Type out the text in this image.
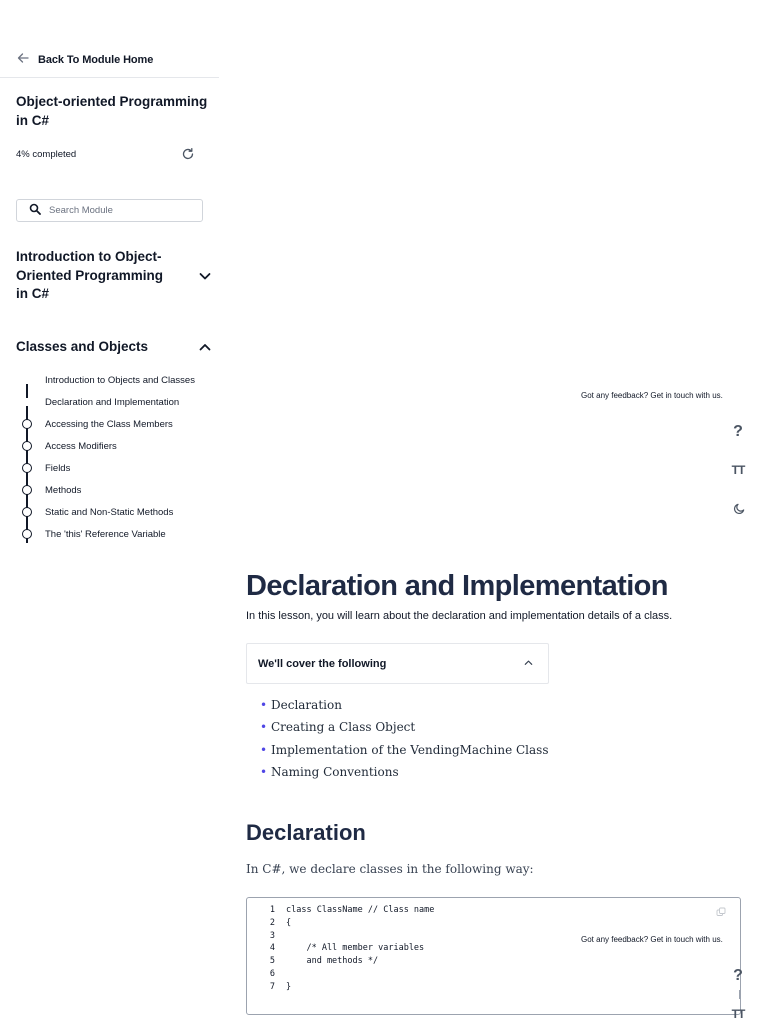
Back To Module Home
Object-oriented Programming in C#
4% completed
Search Module
Introduction to Object-Oriented Programming in C#
Classes and Objects
Introduction to Objects and Classes
Declaration and Implementation
Accessing the Class Members
Access Modifiers
Fields
Methods
Static and Non-Static Methods
The 'this' Reference Variable
Got any feedback? Get in touch with us.
?
TT
Declaration and Implementation

In this lesson, you will learn about the declaration and implementation details of a class.

We'll cover the following
• Declaration
• Creating a Class Object
• Implementation of the VendingMachine Class
• Naming Conventions
Declaration

In C#, we declare classes in the following way:

1 class ClassName // Class name
2 {
3
4 /* All member variables
5 and methods */
6
7 }
Got any feedback? Get in touch with us.
?
TT
